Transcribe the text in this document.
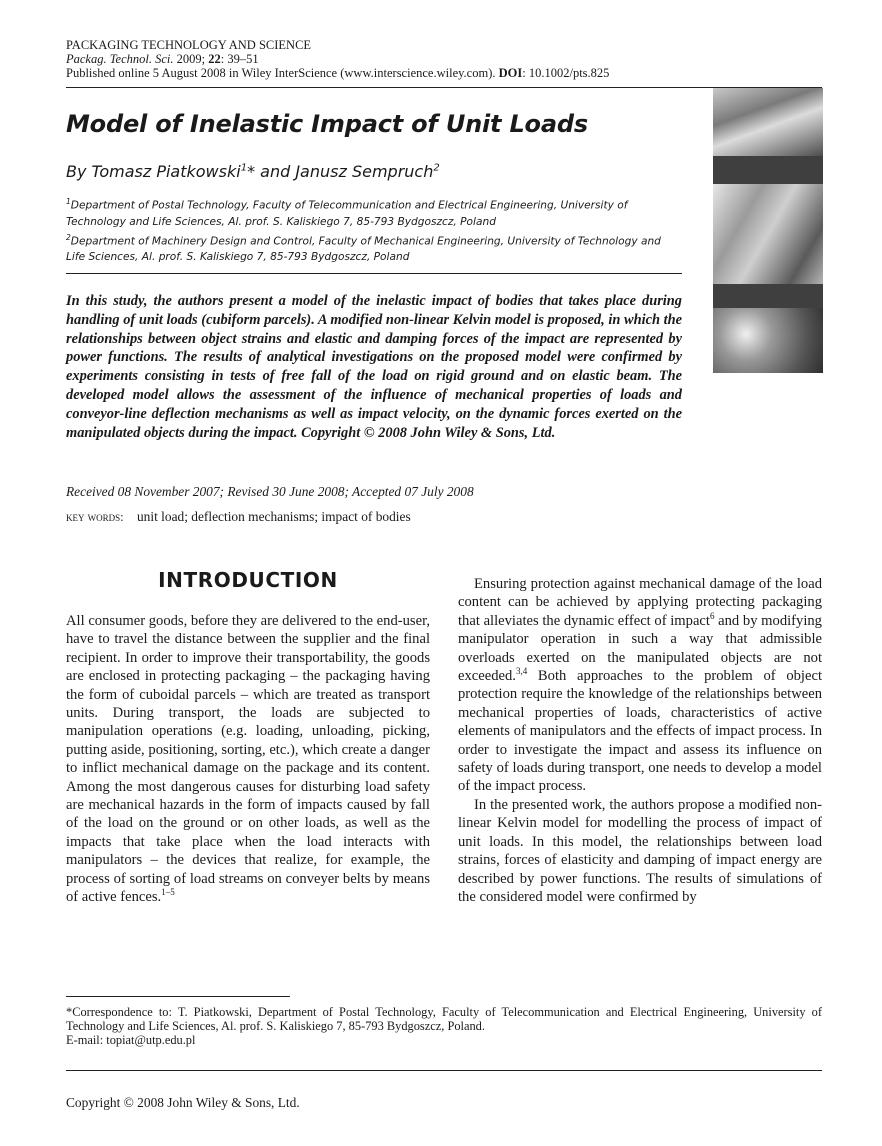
PACKAGING TECHNOLOGY AND SCIENCE
Packag. Technol. Sci. 2009; 22: 39–51
Published online 5 August 2008 in Wiley InterScience (www.interscience.wiley.com). DOI: 10.1002/pts.825
Model of Inelastic Impact of Unit Loads
By Tomasz Piatkowski$^1$* and Janusz Sempruch$^2$
$^1$Department of Postal Technology, Faculty of Telecommunication and Electrical Engineering, University of Technology and Life Sciences, Al. prof. S. Kaliskiego 7, 85-793 Bydgoszcz, Poland
$^2$Department of Machinery Design and Control, Faculty of Mechanical Engineering, University of Technology and Life Sciences, Al. prof. S. Kaliskiego 7, 85-793 Bydgoszcz, Poland

In this study, the authors present a model of the inelastic impact of bodies that takes place during handling of unit loads (cubiform parcels). A modified non-linear Kelvin model is proposed, in which the relationships between object strains and elastic and damping forces of the impact are represented by power functions. The results of analytical investigations on the proposed model were confirmed by experiments consisting in tests of free fall of the load on rigid ground and on elastic beam. The developed model allows the assessment of the influence of mechanical properties of loads and conveyor-line deflection mechanisms as well as impact velocity, on the dynamic forces exerted on the manipulated objects during the impact. Copyright © 2008 John Wiley & Sons, Ltd.

Received 08 November 2007; Revised 30 June 2008; Accepted 07 July 2008
key words: unit load; deflection mechanisms; impact of bodies
INTRODUCTION

All consumer goods, before they are delivered to the end-user, have to travel the distance between the supplier and the final recipient. In order to improve their transportability, the goods are enclosed in protecting packaging – the packaging having the form of cuboidal parcels – which are treated as transport units. During transport, the loads are subjected to manipulation operations (e.g. loading, unloading, picking, putting aside, positioning, sorting, etc.), which create a danger to inflict mechanical damage on the package and its content. Among the most dangerous causes for disturbing load safety are mechanical hazards in the form of impacts caused by fall of the load on the ground or on other loads, as well as the impacts that take place when the load interacts with manipulators – the devices that realize, for example, the process of sorting of load streams on conveyer belts by means of active fences.$^{1-5}$

Ensuring protection against mechanical damage of the load content can be achieved by applying protecting packaging that alleviates the dynamic effect of impact$^6$ and by modifying manipulator operation in such a way that admissible overloads exerted on the manipulated objects are not exceeded.$^{3,4}$ Both approaches to the problem of object protection require the knowledge of the relationships between mechanical properties of loads, characteristics of active elements of manipulators and the effects of impact process. In order to investigate the impact and assess its influence on safety of loads during transport, one needs to develop a model of the impact process.

In the presented work, the authors propose a modified non-linear Kelvin model for modelling the process of impact of unit loads. In this model, the relationships between load strains, forces of elasticity and damping of impact energy are described by power functions. The results of simulations of the considered model were confirmed by

*Correspondence to: T. Piatkowski, Department of Postal Technology, Faculty of Telecommunication and Electrical Engineering, University of Technology and Life Sciences, Al. prof. S. Kaliskiego 7, 85-793 Bydgoszcz, Poland.
E-mail: topiat@utp.edu.pl
Copyright © 2008 John Wiley & Sons, Ltd.
